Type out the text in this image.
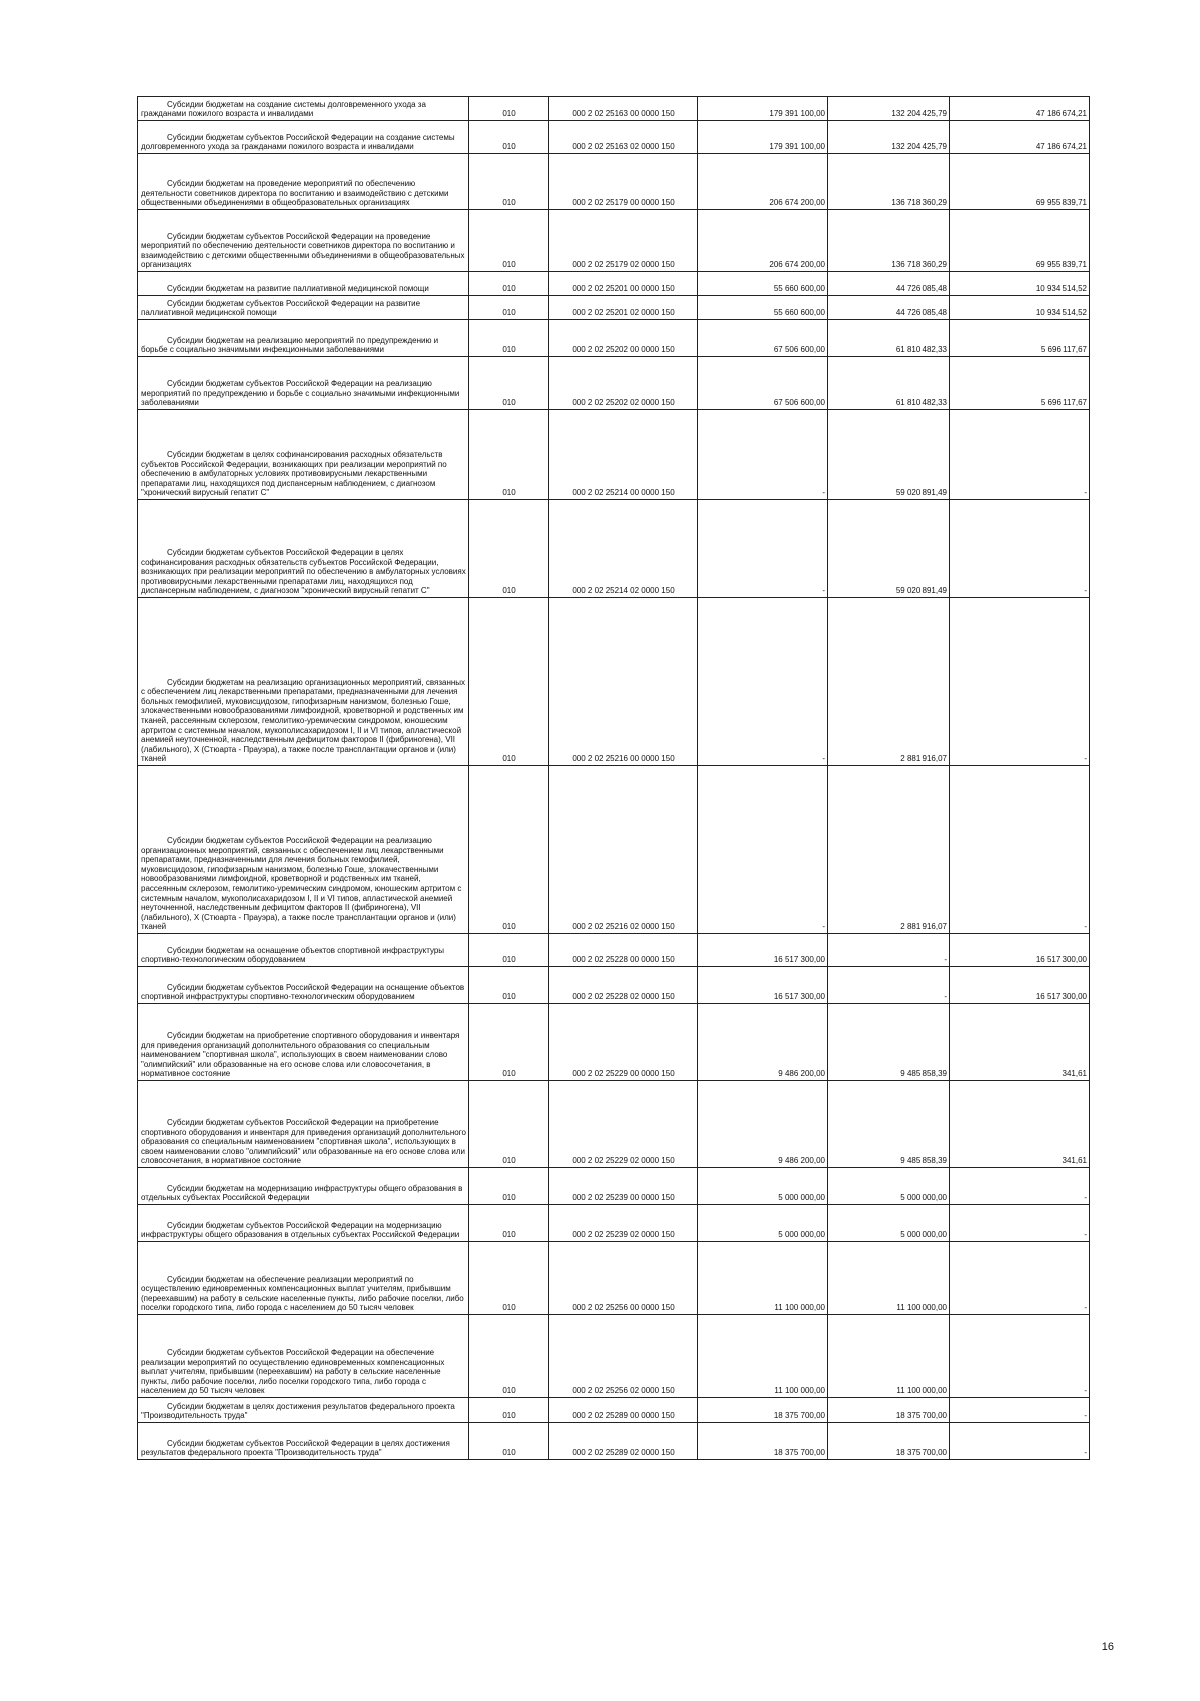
Субсидии бюджетам на создание системы долговременного ухода за гражданами пожилого возраста и инвалидами	010	000 2 02 25163 00 0000 150	179 391 100,00	132 204 425,79	47 186 674,21

Субсидии бюджетам субъектов Российской Федерации на создание системы долговременного ухода за гражданами пожилого возраста и инвалидами	010	000 2 02 25163 02 0000 150	179 391 100,00	132 204 425,79	47 186 674,21

Субсидии бюджетам на проведение мероприятий по обеспечению деятельности советников директора по воспитанию и взаимодействию с детскими общественными объединениями в общеобразовательных организациях	010	000 2 02 25179 00 0000 150	206 674 200,00	136 718 360,29	69 955 839,71

Субсидии бюджетам субъектов Российской Федерации на проведение мероприятий по обеспечению деятельности советников директора по воспитанию и взаимодействию с детскими общественными объединениями в общеобразовательных организациях	010	000 2 02 25179 02 0000 150	206 674 200,00	136 718 360,29	69 955 839,71

Субсидии бюджетам на развитие паллиативной медицинской помощи	010	000 2 02 25201 00 0000 150	55 660 600,00	44 726 085,48	10 934 514,52

Субсидии бюджетам субъектов Российской Федерации на развитие паллиативной медицинской помощи	010	000 2 02 25201 02 0000 150	55 660 600,00	44 726 085,48	10 934 514,52

Субсидии бюджетам на реализацию мероприятий по предупреждению и борьбе с социально значимыми инфекционными заболеваниями	010	000 2 02 25202 00 0000 150	67 506 600,00	61 810 482,33	5 696 117,67

Субсидии бюджетам субъектов Российской Федерации на реализацию мероприятий по предупреждению и борьбе с социально значимыми инфекционными заболеваниями	010	000 2 02 25202 02 0000 150	67 506 600,00	61 810 482,33	5 696 117,67

Субсидии бюджетам в целях софинансирования расходных обязательств субъектов Российской Федерации, возникающих при реализации мероприятий по обеспечению в амбулаторных условиях противовирусными лекарственными препаратами лиц, находящихся под диспансерным наблюдением, с диагнозом "хронический вирусный гепатит С"	010	000 2 02 25214 00 0000 150	-	59 020 891,49	-

Субсидии бюджетам субъектов Российской Федерации в целях софинансирования расходных обязательств субъектов Российской Федерации, возникающих при реализации мероприятий по обеспечению в амбулаторных условиях противовирусными лекарственными препаратами лиц, находящихся под диспансерным наблюдением, с диагнозом "хронический вирусный гепатит С"	010	000 2 02 25214 02 0000 150	-	59 020 891,49	-

Субсидии бюджетам на реализацию организационных мероприятий, связанных с обеспечением лиц лекарственными препаратами, предназначенными для лечения больных гемофилией, муковисцидозом, гипофизарным нанизмом, болезнью Гоше, злокачественными новообразованиями лимфоидной, кроветворной и родственных им тканей, рассеянным склерозом, гемолитико-уремическим синдромом, юношеским артритом с системным началом, мукополисахаридозом I, II и VI типов, апластической анемией неуточненной, наследственным дефицитом факторов II (фибриногена), VII (лабильного), X (Стюарта - Прауэра), а также после трансплантации органов и (или) тканей	010	000 2 02 25216 00 0000 150	-	2 881 916,07	-

Субсидии бюджетам субъектов Российской Федерации на реализацию организационных мероприятий, связанных с обеспечением лиц лекарственными препаратами, предназначенными для лечения больных гемофилией, муковисцидозом, гипофизарным нанизмом, болезнью Гоше, злокачественными новообразованиями лимфоидной, кроветворной и родственных им тканей, рассеянным склерозом, гемолитико-уремическим синдромом, юношеским артритом с системным началом, мукополисахаридозом I, II и VI типов, апластической анемией неуточненной, наследственным дефицитом факторов II (фибриногена), VII (лабильного), X (Стюарта - Прауэра), а также после трансплантации органов и (или) тканей	010	000 2 02 25216 02 0000 150	-	2 881 916,07	-

Субсидии бюджетам на оснащение объектов спортивной инфраструктуры спортивно-технологическим оборудованием	010	000 2 02 25228 00 0000 150	16 517 300,00	-	16 517 300,00

Субсидии бюджетам субъектов Российской Федерации на оснащение объектов спортивной инфраструктуры спортивно-технологическим оборудованием	010	000 2 02 25228 02 0000 150	16 517 300,00	-	16 517 300,00

Субсидии бюджетам на приобретение спортивного оборудования и инвентаря для приведения организаций дополнительного образования со специальным наименованием "спортивная школа", использующих в своем наименовании слово "олимпийский" или образованные на его основе слова или словосочетания, в нормативное состояние	010	000 2 02 25229 00 0000 150	9 486 200,00	9 485 858,39	341,61

Субсидии бюджетам субъектов Российской Федерации на приобретение спортивного оборудования и инвентаря для приведения организаций дополнительного образования со специальным наименованием "спортивная школа", использующих в своем наименовании слово "олимпийский" или образованные на его основе слова или словосочетания, в нормативное состояние	010	000 2 02 25229 02 0000 150	9 486 200,00	9 485 858,39	341,61

Субсидии бюджетам на модернизацию инфраструктуры общего образования в отдельных субъектах Российской Федерации	010	000 2 02 25239 00 0000 150	5 000 000,00	5 000 000,00	-

Субсидии бюджетам субъектов Российской Федерации на модернизацию инфраструктуры общего образования в отдельных субъектах Российской Федерации	010	000 2 02 25239 02 0000 150	5 000 000,00	5 000 000,00	-

Субсидии бюджетам на обеспечение реализации мероприятий по осуществлению единовременных компенсационных выплат учителям, прибывшим (переехавшим) на работу в сельские населенные пункты, либо рабочие поселки, либо поселки городского типа, либо города с населением до 50 тысяч человек	010	000 2 02 25256 00 0000 150	11 100 000,00	11 100 000,00	-

Субсидии бюджетам субъектов Российской Федерации на обеспечение реализации мероприятий по осуществлению единовременных компенсационных выплат учителям, прибывшим (переехавшим) на работу в сельские населенные пункты, либо рабочие поселки, либо поселки городского типа, либо города с населением до 50 тысяч человек	010	000 2 02 25256 02 0000 150	11 100 000,00	11 100 000,00	-

Субсидии бюджетам в целях достижения результатов федерального проекта "Производительность труда"	010	000 2 02 25289 00 0000 150	18 375 700,00	18 375 700,00	-

Субсидии бюджетам субъектов Российской Федерации в целях достижения результатов федерального проекта "Производительность труда"	010	000 2 02 25289 02 0000 150	18 375 700,00	18 375 700,00	-
16
